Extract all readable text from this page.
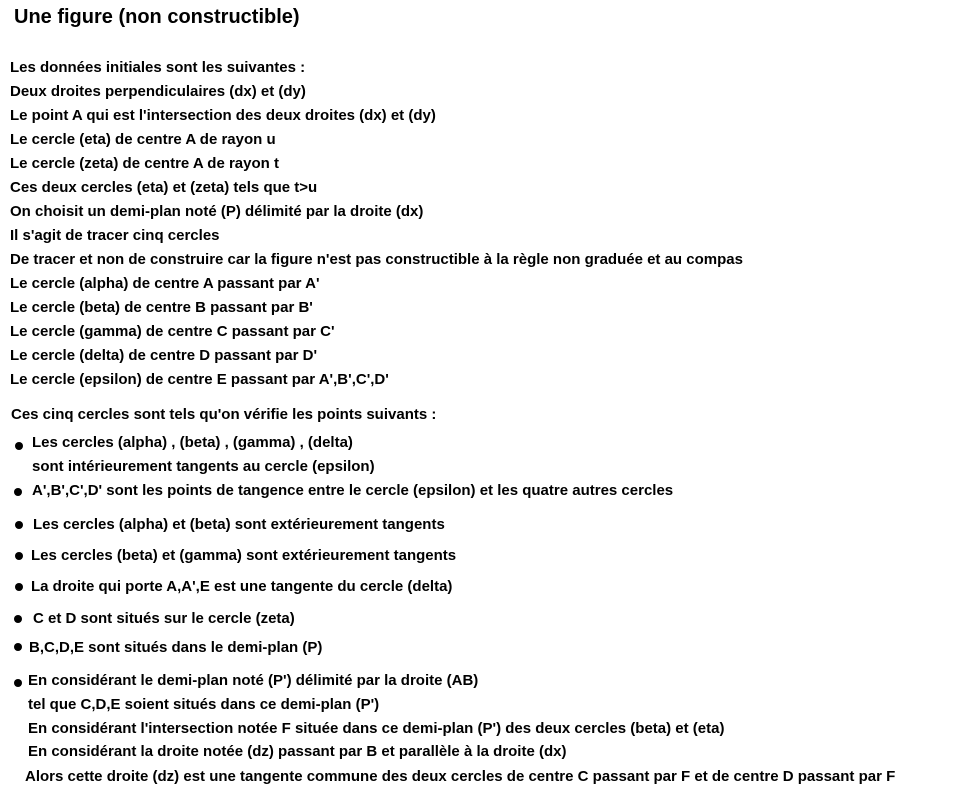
Une figure (non constructible)
Les données initiales sont les suivantes :
Deux droites perpendiculaires (dx) et (dy)
Le point A qui est l'intersection des deux droites (dx) et (dy)
Le cercle (eta) de centre A de rayon u
Le cercle (zeta) de centre A de rayon t
Ces deux cercles (eta) et (zeta) tels que t>u
On choisit un demi-plan noté (P) délimité par la droite (dx)
Il s'agit de tracer cinq cercles
De tracer et non de construire car la figure n'est pas constructible à la règle non graduée et au compas
Le cercle (alpha) de centre A passant par A'
Le cercle (beta) de centre B passant par B'
Le cercle (gamma) de centre C passant par C'
Le cercle (delta) de centre D passant par D'
Le cercle (epsilon) de centre E passant par A',B',C',D'
Ces cinq cercles sont tels qu'on vérifie les points suivants :
Les cercles (alpha) , (beta) , (gamma) , (delta)
sont intérieurement tangents au cercle (epsilon)
A',B',C',D' sont les points de tangence entre le cercle (epsilon) et les quatre autres cercles
Les cercles (alpha) et (beta) sont extérieurement tangents
Les cercles (beta) et (gamma) sont extérieurement tangents
La droite qui porte A,A',E est une tangente du cercle (delta)
C et D sont situés sur le cercle (zeta)
B,C,D,E sont situés dans le demi-plan (P)
En considérant le demi-plan noté (P') délimité par la droite (AB)
tel que C,D,E soient situés dans ce demi-plan (P')
En considérant l'intersection notée F située dans ce demi-plan (P') des deux cercles (beta) et (eta)
En considérant la droite notée (dz) passant par B et parallèle à la droite (dx)
Alors cette droite (dz) est une tangente commune des deux cercles de centre C passant par F et de centre D passant par F
